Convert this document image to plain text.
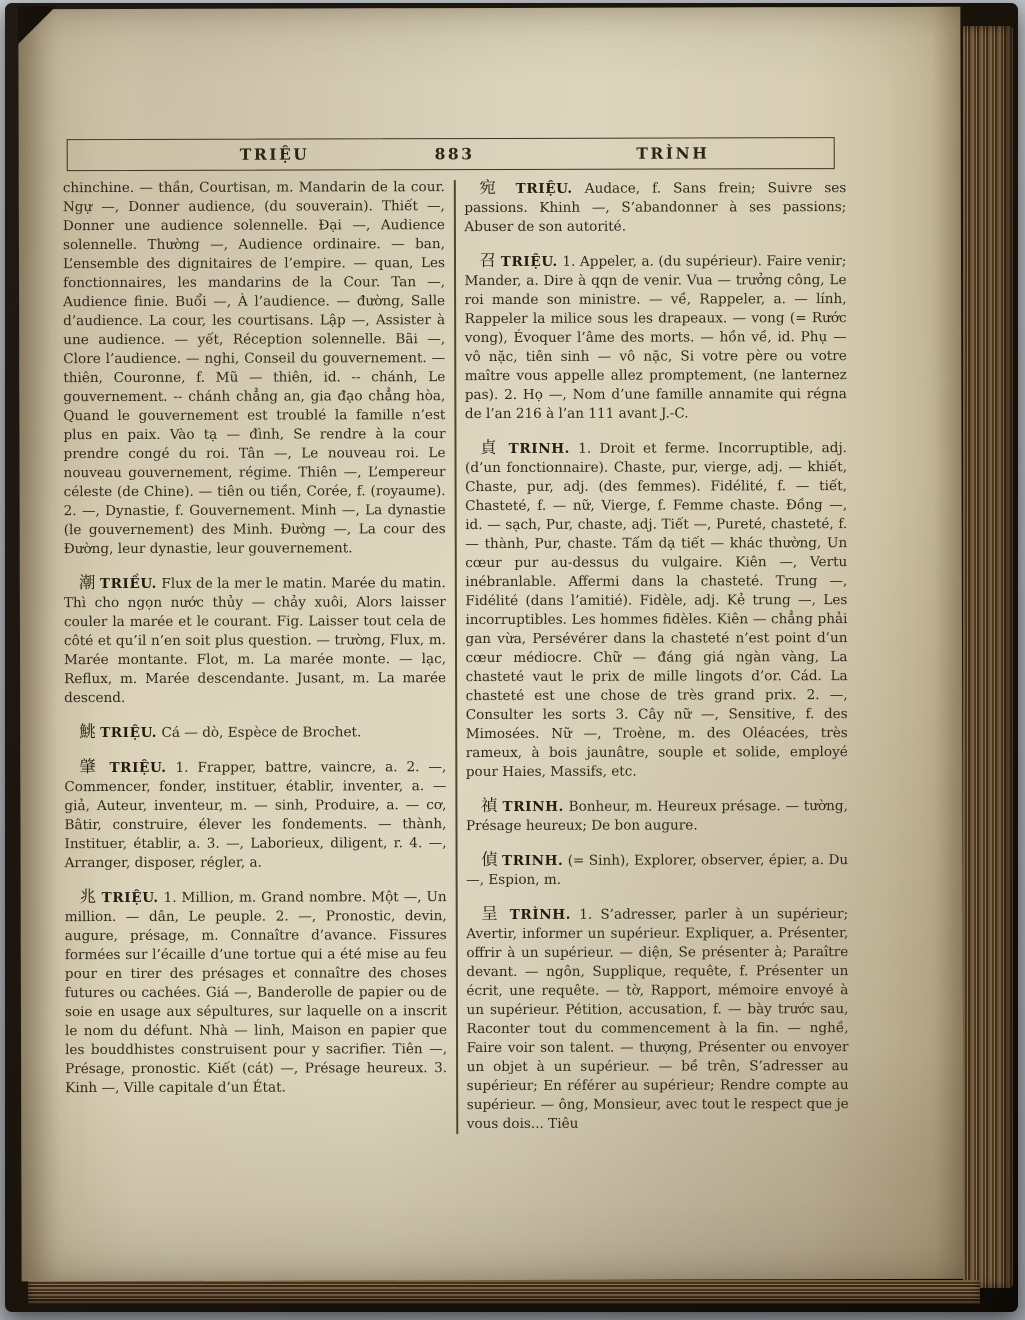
TRIỆU	883	TRÌNH

chinchine. — thần, Courtisan, m. Mandarin de la cour. Ngự —, Donner audience, (du souverain). Thiết —, Donner une audience solennelle. Đại —, Audience solennelle. Thường —, Audience ordinaire. — ban, L’ensemble des dignitaires de l’empire. — quan, Les fonctionnaires, les mandarins de la Cour. Tan —, Audience finie. Buổi —, À l’audience. — đường, Salle d’audience. La cour, les courtisans. Lập —, Assister à une audience. — yết, Réception solennelle. Bãi —, Clore l’audience. — nghi, Conseil du gouvernement. — thiên, Couronne, f. Mũ — thiên, id. -- chánh, Le gouvernement. -- chánh chẳng an, gia đạo chẳng hòa, Quand le gouvernement est troublé la famille n’est plus en paix. Vào tạ — đình, Se rendre à la cour prendre congé du roi. Tân —, Le nouveau roi. Le nouveau gouvernement, régime. Thiên —, L’empereur céleste (de Chine). — tiên ou tiền, Corée, f. (royaume). 2. —, Dynastie, f. Gouvernement. Minh —, La dynastie (le gouvernement) des Minh. Đường —, La cour des Đường, leur dynastie, leur gouvernement.

潮 TRIỀU. Flux de la mer le matin. Marée du matin. Thì cho ngọn nước thủy — chảy xuôi, Alors laisser couler la marée et le courant. Fig. Laisser tout cela de côté et qu’il n’en soit plus question. — trường, Flux, m. Marée montante. Flot, m. La marée monte. — lạc, Reflux, m. Marée descendante. Jusant, m. La marée descend.

鮡 TRIỆU. Cá — dò, Espèce de Brochet.

肇 TRIỆU. 1. Frapper, battre, vaincre, a. 2. —, Commencer, fonder, instituer, établir, inventer, a. — giả, Auteur, inventeur, m. — sinh, Produire, a. — cơ, Bâtir, construire, élever les fondements. — thành, Instituer, établir, a. 3. —, Laborieux, diligent, r. 4. —, Arranger, disposer, régler, a.

兆 TRIỆU. 1. Million, m. Grand nombre. Một —, Un million. — dân, Le peuple. 2. —, Pronostic, devin, augure, présage, m. Connaître d’avance. Fissures formées sur l’écaille d’une tortue qui a été mise au feu pour en tirer des présages et connaître des choses futures ou cachées. Giá —, Banderolle de papier ou de soie en usage aux sépultures, sur laquelle on a inscrit le nom du défunt. Nhà — linh, Maison en papier que les bouddhistes construisent pour y sacrifier. Tiên —, Présage, pronostic. Kiết (cát) —, Présage heureux. 3. Kinh —, Ville capitale d’un État.

宛 TRIỆU. Audace, f. Sans frein; Suivre ses passions. Khinh —, S’abandonner à ses passions; Abuser de son autorité.

召 TRIỆU. 1. Appeler, a. (du supérieur). Faire venir; Mander, a. Dire à qqn de venir. Vua — trưởng công, Le roi mande son ministre. — về, Rappeler, a. — lính, Rappeler la milice sous les drapeaux. — vong (= Rước vong), Évoquer l’âme des morts. — hồn về, id. Phụ — vô nặc, tiên sinh — vô nặc, Si votre père ou votre maître vous appelle allez promptement, (ne lanternez pas). 2. Họ —, Nom d’une famille annamite qui régna de l’an 216 à l’an 111 avant J.-C.

貞 TRINH. 1. Droit et ferme. Incorruptible, adj. (d’un fonctionnaire). Chaste, pur, vierge, adj. — khiết, Chaste, pur, adj. (des femmes). Fidélité, f. — tiết, Chasteté, f. — nữ, Vierge, f. Femme chaste. Đồng —, id. — sạch, Pur, chaste, adj. Tiết —, Pureté, chasteté, f. — thành, Pur, chaste. Tấm dạ tiết — khác thường, Un cœur pur au-dessus du vulgaire. Kiên —, Vertu inébranlable. Affermi dans la chasteté. Trung —, Fidélité (dans l’amitié). Fidèle, adj. Kẻ trung —, Les incorruptibles. Les hommes fidèles. Kiên — chẳng phải gan vừa, Persévérer dans la chasteté n’est point d’un cœur médiocre. Chữ — đáng giá ngàn vàng, La chasteté vaut le prix de mille lingots d’or. Cád. La chasteté est une chose de très grand prix. 2. —, Consulter les sorts 3. Cây nữ —, Sensitive, f. des Mimosées. Nữ —, Troène, m. des Oléacées, très rameux, à bois jaunâtre, souple et solide, employé pour Haies, Massifs, etc.

禎 TRINH. Bonheur, m. Heureux présage. — tường, Présage heureux; De bon augure.

偵 TRINH. (= Sinh), Explorer, observer, épier, a. Du —, Espion, m.

呈 TRÌNH. 1. S’adresser, parler à un supérieur; Avertir, informer un supérieur. Expliquer, a. Présenter, offrir à un supérieur. — diện, Se présenter à; Paraître devant. — ngôn, Supplique, requête, f. Présenter un écrit, une requête. — tờ, Rapport, mémoire envoyé à un supérieur. Pétition, accusation, f. — bày trước sau, Raconter tout du commencement à la fin. — nghề, Faire voir son talent. — thượng, Présenter ou envoyer un objet à un supérieur. — bề trên, S’adresser au supérieur; En référer au supérieur; Rendre compte au supérieur. — ông, Monsieur, avec tout le respect que je vous dois... Tiêu
